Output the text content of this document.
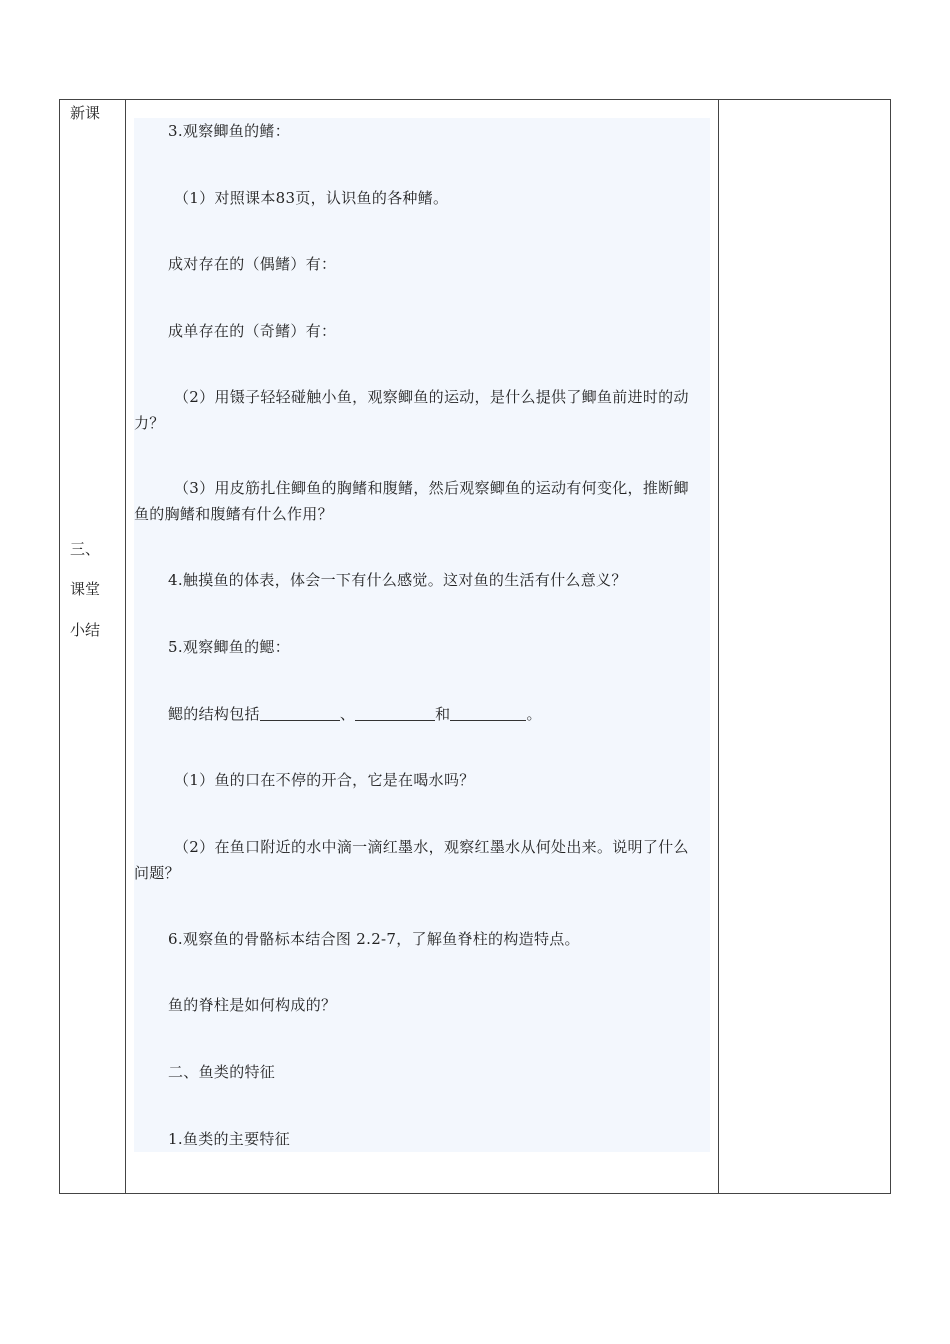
新课
三、
课堂
小结
3.观察鲫鱼的鳍：
（1）对照课本83页，认识鱼的各种鳍。
成对存在的（偶鳍）有：
成单存在的（奇鳍）有：
（2）用镊子轻轻碰触小鱼，观察鲫鱼的运动，是什么提供了鲫鱼前进时的动力？
（3）用皮筋扎住鲫鱼的胸鳍和腹鳍，然后观察鲫鱼的运动有何变化，推断鲫鱼的胸鳍和腹鳍有什么作用？
4.触摸鱼的体表，体会一下有什么感觉。这对鱼的生活有什么意义？
5.观察鲫鱼的鳃：
鳃的结构包括	、	和	。
（1）鱼的口在不停的开合，它是在喝水吗？
（2）在鱼口附近的水中滴一滴红墨水，观察红墨水从何处出来。说明了什么问题？
6.观察鱼的骨骼标本结合图 2.2-7，了解鱼脊柱的构造特点。
鱼的脊柱是如何构成的？
二、鱼类的特征
1.鱼类的主要特征
